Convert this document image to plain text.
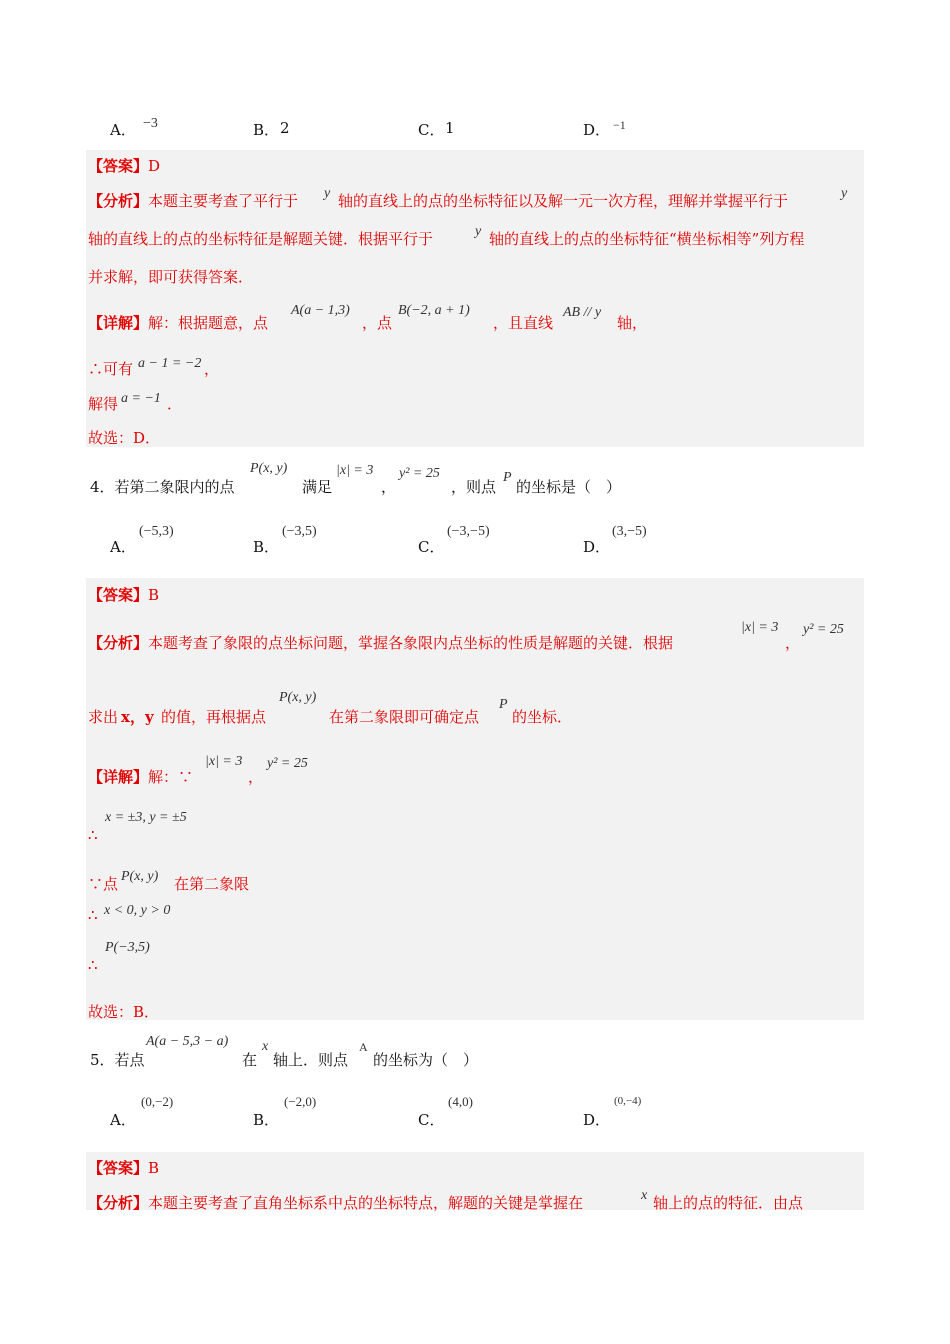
A． −3	B． 2	C． 1	D． −1
【答案】D
【分析】本题主要考查了平行于 y 轴的直线上的点的坐标特征以及解一元一次方程，理解并掌握平行于	y
轴的直线上的点的坐标特征是解题关键．根据平行于	y 轴的直线上的点的坐标特征“横坐标相等”列方程
并求解，即可获得答案．
【详解】解：根据题意，点
A(a − 1,3)
，点
B(−2, a + 1)
，且直线
AB // y
轴，
∴可有 a − 1 = −2 ，
解得 a = −1 ．
故选：D．
4．若第二象限内的点
P(x, y)
满足
|x| = 3
，
y² = 25
，则点
P
的坐标是（　）
A．
(−5,3)
B．
(−3,5)
C．
(−3,−5)
D．
(3,−5)
【答案】B
【分析】本题考查了象限的点坐标问题，掌握各象限内点坐标的性质是解题的关键．根据
|x| = 3
，
y² = 25
求出 x，y 的值，再根据点
P(x, y)
在第二象限即可确定点
P
的坐标．
【详解】解：∵
|x| = 3
，
y² = 25
x = ±3, y = ±5
∴
∵点 P(x, y) 在第二象限
∴ x < 0, y > 0
P(−3,5)
∴
故选：B．
5．若点
A(a − 5,3 − a)
在
x
轴上．则点
A
的坐标为（　）
A．
(0,−2)
B．
(−2,0)
C．
(4,0)
D．
(0,−4)
【答案】B
【分析】本题主要考查了直角坐标系中点的坐标特点，解题的关键是掌握在	x 轴上的点的特征．由点
